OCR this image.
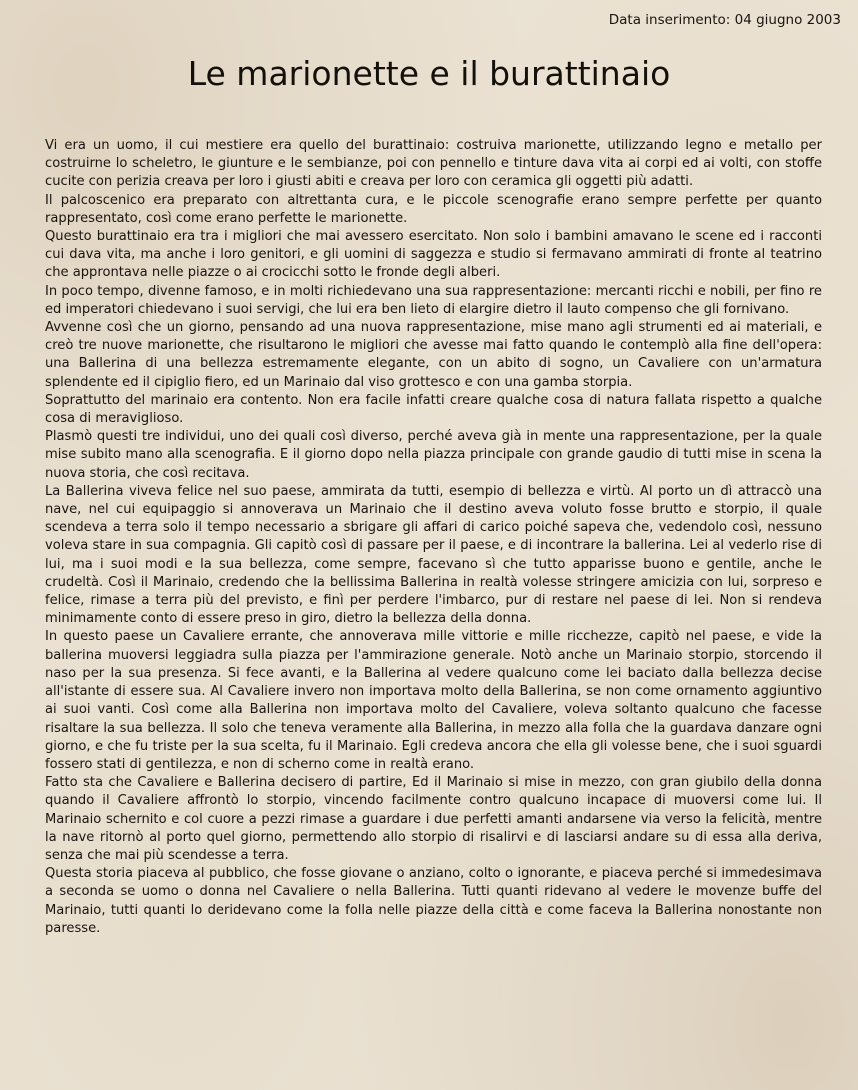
Data inserimento: 04 giugno 2003
Le marionette e il burattinaio

Vi era un uomo, il cui mestiere era quello del burattinaio: costruiva marionette, utilizzando legno e metallo per costruirne lo scheletro, le giunture e le sembianze, poi con pennello e tinture dava vita ai corpi ed ai volti, con stoffe cucite con perizia creava per loro i giusti abiti e creava per loro con ceramica gli oggetti più adatti.

Il palcoscenico era preparato con altrettanta cura, e le piccole scenografie erano sempre perfette per quanto rappresentato, così come erano perfette le marionette.

Questo burattinaio era tra i migliori che mai avessero esercitato. Non solo i bambini amavano le scene ed i racconti cui dava vita, ma anche i loro genitori, e gli uomini di saggezza e studio si fermavano ammirati di fronte al teatrino che approntava nelle piazze o ai crocicchi sotto le fronde degli alberi.

In poco tempo, divenne famoso, e in molti richiedevano una sua rappresentazione: mercanti ricchi e nobili, per fino re ed imperatori chiedevano i suoi servigi, che lui era ben lieto di elargire dietro il lauto compenso che gli fornivano.

Avvenne così che un giorno, pensando ad una nuova rappresentazione, mise mano agli strumenti ed ai materiali, e creò tre nuove marionette, che risultarono le migliori che avesse mai fatto quando le contemplò alla fine dell'opera: una Ballerina di una bellezza estremamente elegante, con un abito di sogno, un Cavaliere con un'armatura splendente ed il cipiglio fiero, ed un Marinaio dal viso grottesco e con una gamba storpia.

Soprattutto del marinaio era contento. Non era facile infatti creare qualche cosa di natura fallata rispetto a qualche cosa di meraviglioso.

Plasmò questi tre individui, uno dei quali così diverso, perché aveva già in mente una rappresentazione, per la quale mise subito mano alla scenografia. E il giorno dopo nella piazza principale con grande gaudio di tutti mise in scena la nuova storia, che così recitava.

La Ballerina viveva felice nel suo paese, ammirata da tutti, esempio di bellezza e virtù. Al porto un dì attraccò una nave, nel cui equipaggio si annoverava un Marinaio che il destino aveva voluto fosse brutto e storpio, il quale scendeva a terra solo il tempo necessario a sbrigare gli affari di carico poiché sapeva che, vedendolo così, nessuno voleva stare in sua compagnia. Gli capitò così di passare per il paese, e di incontrare la ballerina. Lei al vederlo rise di lui, ma i suoi modi e la sua bellezza, come sempre, facevano sì che tutto apparisse buono e gentile, anche le crudeltà. Così il Marinaio, credendo che la bellissima Ballerina in realtà volesse stringere amicizia con lui, sorpreso e felice, rimase a terra più del previsto, e finì per perdere l'imbarco, pur di restare nel paese di lei. Non si rendeva minimamente conto di essere preso in giro, dietro la bellezza della donna.

In questo paese un Cavaliere errante, che annoverava mille vittorie e mille ricchezze, capitò nel paese, e vide la ballerina muoversi leggiadra sulla piazza per l'ammirazione generale. Notò anche un Marinaio storpio, storcendo il naso per la sua presenza. Si fece avanti, e la Ballerina al vedere qualcuno come lei baciato dalla bellezza decise all'istante di essere sua. Al Cavaliere invero non importava molto della Ballerina, se non come ornamento aggiuntivo ai suoi vanti. Così come alla Ballerina non importava molto del Cavaliere, voleva soltanto qualcuno che facesse risaltare la sua bellezza. Il solo che teneva veramente alla Ballerina, in mezzo alla folla che la guardava danzare ogni giorno, e che fu triste per la sua scelta, fu il Marinaio. Egli credeva ancora che ella gli volesse bene, che i suoi sguardi fossero stati di gentilezza, e non di scherno come in realtà erano.

Fatto sta che Cavaliere e Ballerina decisero di partire, Ed il Marinaio si mise in mezzo, con gran giubilo della donna quando il Cavaliere affrontò lo storpio, vincendo facilmente contro qualcuno incapace di muoversi come lui. Il Marinaio schernito e col cuore a pezzi rimase a guardare i due perfetti amanti andarsene via verso la felicità, mentre la nave ritornò al porto quel giorno, permettendo allo storpio di risalirvi e di lasciarsi andare su di essa alla deriva, senza che mai più scendesse a terra.

Questa storia piaceva al pubblico, che fosse giovane o anziano, colto o ignorante, e piaceva perché si immedesimava a seconda se uomo o donna nel Cavaliere o nella Ballerina. Tutti quanti ridevano al vedere le movenze buffe del Marinaio, tutti quanti lo deridevano come la folla nelle piazze della città e come faceva la Ballerina nonostante non paresse.
